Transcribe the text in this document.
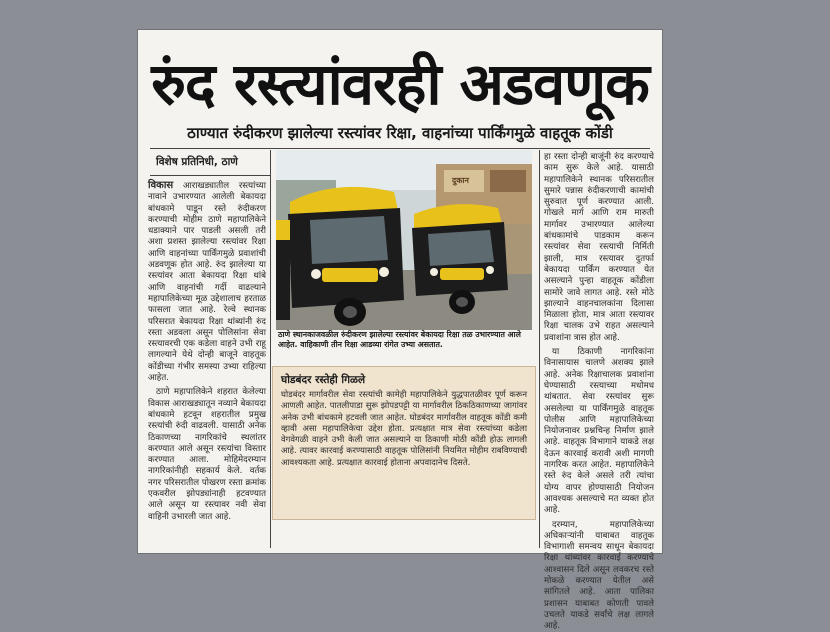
रुंद रस्त्यांवरही अडवणूक
ठाण्यात रुंदीकरण झालेल्या रस्त्यांवर रिक्षा, वाहनांच्या पार्किंगमुळे वाहतूक कोंडी
विशेष प्रतिनिधी, ठाणे

विकास आराखड्यातील रस्त्यांच्या नावाने उभारण्यात आलेली बेकायदा बांधकामे पाडून रस्ते रुंदीकरण करण्याची मोहीम ठाणे महापालिकेने धडाक्याने पार पाडली असली तरी अशा प्रशस्त झालेल्या रस्त्यांवर रिक्षा आणि वाहनांच्या पार्किंगमुळे प्रवाशांची अडवणूक होत आहे. रुंद झालेल्या या रस्त्यांवर आता बेकायदा रिक्षा थांबे आणि वाहनांची गर्दी वाढल्याने महापालिकेच्या मूळ उद्देशालाच हरताळ फासला जात आहे. रेल्वे स्थानक परिसरात बेकायदा रिक्षा थांब्यांनी रुंद रस्ता अडवला असून पोलिसांना सेवा रस्त्यावरची एक कडेला वाहने उभी राहू लागल्याने येथे दोन्ही बाजूने वाहतूक कोंडीच्या गंभीर समस्या उभ्या राहिल्या आहेत.

ठाणे महापालिकेने शहरात केलेल्या विकास आराखड्यातून नव्याने बेकायदा बांधकामे हटवून शहरातील प्रमुख रस्त्यांची रुंदी वाढवली. यासाठी अनेक ठिकाणच्या नागरिकांचे स्थलांतर करण्यात आले असून रस्त्यांचा विस्तार करण्यात आला. मोहिमेदरम्यान नागरिकांनीही सहकार्य केले. वर्तक नगर परिसरातील पोखरण रस्ता क्रमांक एकवरील झोपड्यांनाही हटवण्यात आले असून या रस्त्यावर नवी सेवा वाहिनी उभारली जात आहे.

दुकान
ठाणे स्थानकाजवळील रुंदीकरण झालेल्या रस्त्यांवर बेकायदा रिक्षा तळ उभारण्यात आले आहेत. वाहिकाणी तीन रिक्षा आडव्या रांगेत उभ्या असतात.
घोडबंदर रस्तेही गिळले
घोडबंदर मार्गावरील सेवा रस्त्यांची कामेही महापालिकेने युद्धपातळीवर पूर्ण करून आणली आहेत. पातलीपाडा सुरू झोपडपट्टी या मार्गावरील ठिकठिकाणच्या जागांवर अनेक उभी बांधकामे हटवली जात आहेत. घोडबंदर मार्गावरील वाहतूक कोंडी कमी व्हावी असा महापालिकेचा उद्देश होता. प्रत्यक्षात मात्र सेवा रस्त्यांच्या कडेला वेगवेगळी वाहने उभी केली जात असल्याने या ठिकाणी मोठी कोंडी होऊ लागली आहे. त्यावर कारवाई करण्यासाठी वाहतूक पोलिसांनी नियमित मोहीम राबविण्याची आवश्यकता आहे. प्रत्यक्षात कारवाई होताना अपवादानेच दिसते.

हा रस्ता दोन्ही बाजूंनी रुंद करण्याचे काम सुरू केले आहे. यासाठी महापालिकेने स्थानक परिसरातील सुमारे पन्नास रुंदीकरणाची कामांची सुरुवात पूर्ण करण्यात आली. गोखले मार्ग आणि राम मारुती मार्गावर उभारण्यात आलेल्या बांधकामांचे पाडकाम करून रस्त्यांवर सेवा रस्त्याची निर्मिती झाली, मात्र रस्त्यावर दुतर्फा बेकायदा पार्किंग करण्यात येत असल्याने पुन्हा वाहतूक कोंडीला सामोरे जावे लागत आहे. रस्ते मोठे झाल्याने वाहनचालकांना दिलासा मिळाला होता, मात्र आता रस्त्यावर रिक्षा चालक उभे राहत असल्याने प्रवाशांना त्रास होत आहे.

या ठिकाणी नागरिकांना विनासायास चालणे अशक्य झाले आहे. अनेक रिक्षाचालक प्रवाशांना घेण्यासाठी रस्त्याच्या मधोमध थांबतात. सेवा रस्त्यांवर सुरू असलेल्या या पार्किंगमुळे वाहतूक पोलीस आणि महापालिकेच्या नियोजनावर प्रश्नचिन्ह निर्माण झाले आहे. वाहतूक विभागाने याकडे लक्ष देऊन कारवाई करावी अशी मागणी नागरिक करत आहेत. महापालिकेने रस्ते रुंद केले असले तरी त्यांचा योग्य वापर होण्यासाठी नियोजन आवश्यक असल्याचे मत व्यक्त होत आहे.

दरम्यान, महापालिकेच्या अधिकाऱ्यांनी याबाबत वाहतूक विभागाशी समन्वय साधून बेकायदा रिक्षा थांब्यांवर कारवाई करण्याचे आश्वासन दिले असून लवकरच रस्ते मोकळे करण्यात येतील असे सांगितले आहे. आता पालिका प्रशासन याबाबत कोणती पावले उचलते याकडे सर्वांचे लक्ष लागले आहे.
